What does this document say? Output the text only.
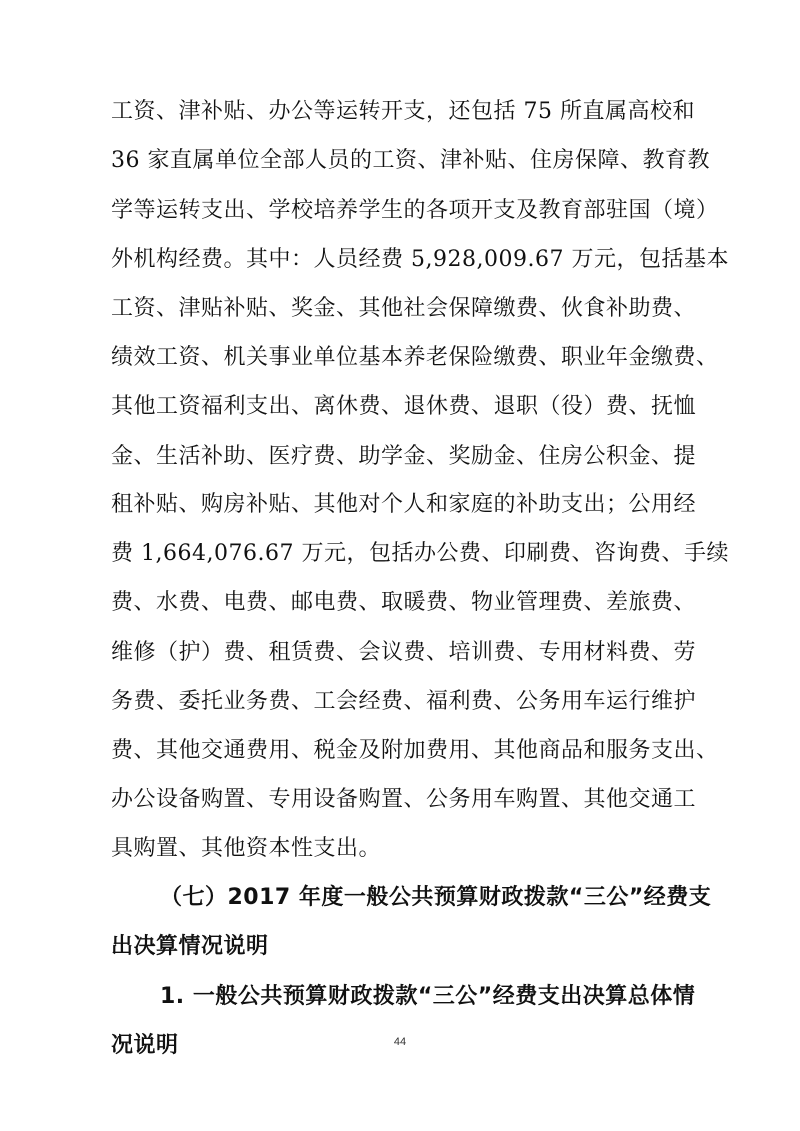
工资、津补贴、办公等运转开支，还包括 75 所直属高校和
36 家直属单位全部人员的工资、津补贴、住房保障、教育教
学等运转支出、学校培养学生的各项开支及教育部驻国（境）
外机构经费。其中：人员经费 5,928,009.67 万元，包括基本
工资、津贴补贴、奖金、其他社会保障缴费、伙食补助费、
绩效工资、机关事业单位基本养老保险缴费、职业年金缴费、
其他工资福利支出、离休费、退休费、退职（役）费、抚恤
金、生活补助、医疗费、助学金、奖励金、住房公积金、提
租补贴、购房补贴、其他对个人和家庭的补助支出；公用经
费 1,664,076.67 万元，包括办公费、印刷费、咨询费、手续
费、水费、电费、邮电费、取暖费、物业管理费、差旅费、
维修（护）费、租赁费、会议费、培训费、专用材料费、劳
务费、委托业务费、工会经费、福利费、公务用车运行维护
费、其他交通费用、税金及附加费用、其他商品和服务支出、
办公设备购置、专用设备购置、公务用车购置、其他交通工
具购置、其他资本性支出。
（七）2017 年度一般公共预算财政拨款“三公”经费支
出决算情况说明
1. 一般公共预算财政拨款“三公”经费支出决算总体情
况说明	44
